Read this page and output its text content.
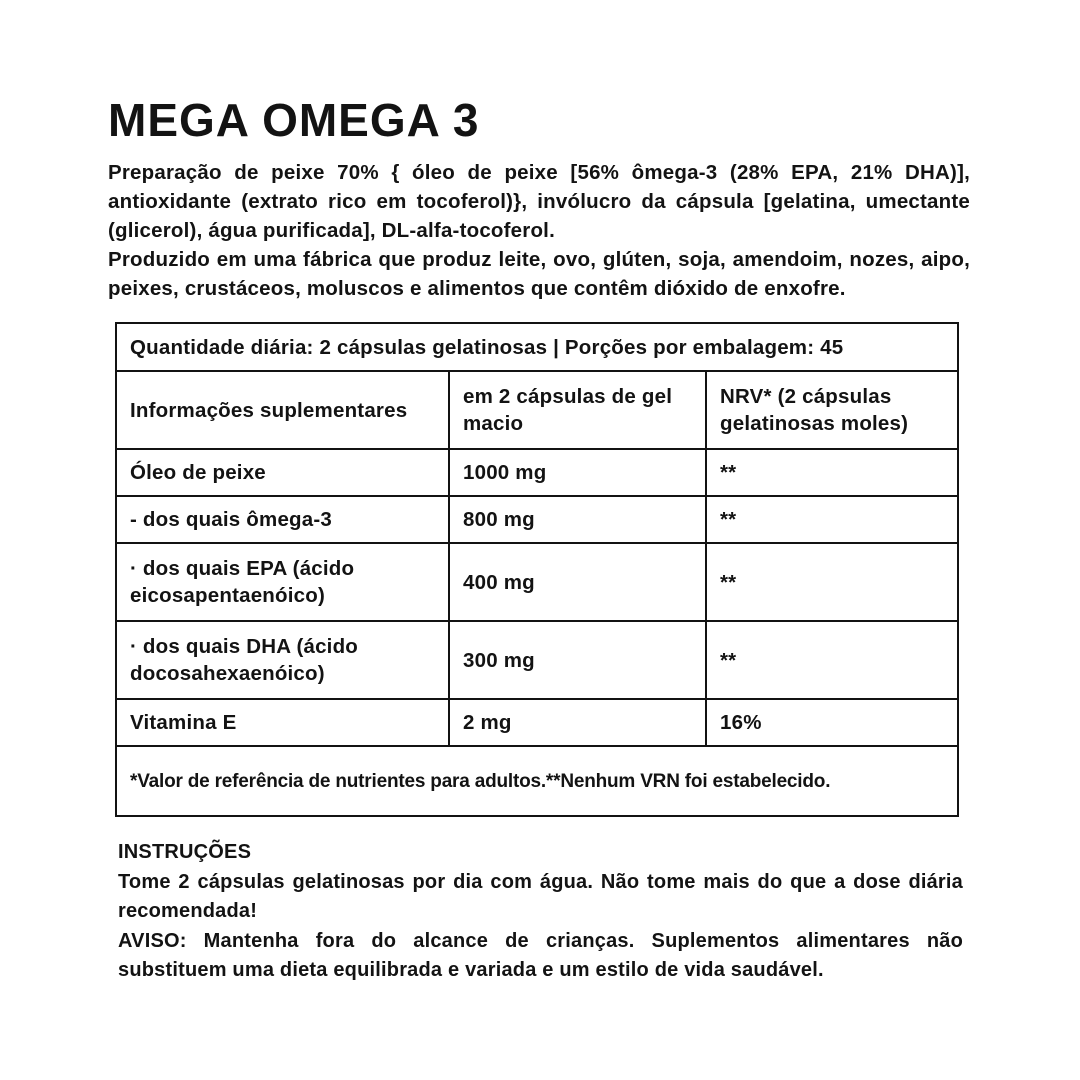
MEGA OMEGA 3

Preparação de peixe 70% { óleo de peixe [56% ômega-3 (28% EPA, 21% DHA)], antioxidante (extrato rico em tocoferol)}, invólucro da cápsula [gelatina, umectante (glicerol), água purificada], DL-alfa-tocoferol.

Produzido em uma fábrica que produz leite, ovo, glúten, soja, amendoim, nozes, aipo, peixes, crustáceos, moluscos e alimentos que contêm dióxido de enxofre.

Quantidade diária: 2 cápsulas gelatinosas | Porções por embalagem: 45		
Informações suplementares	em 2 cápsulas de gel macio	NRV* (2 cápsulas gelatinosas moles)
Óleo de peixe	1000 mg	**
- dos quais ômega-3	800 mg	**
· dos quais EPA (ácido eicosapentaenóico)	400 mg	**
· dos quais DHA (ácido docosahexaenóico)	300 mg	**
Vitamina E	2 mg	16%
*Valor de referência de nutrientes para adultos.**Nenhum VRN foi estabelecido.		

INSTRUÇÕES

Tome 2 cápsulas gelatinosas por dia com água. Não tome mais do que a dose diária recomendada!

AVISO: Mantenha fora do alcance de crianças. Suplementos alimentares não substituem uma dieta equilibrada e variada e um estilo de vida saudável.
